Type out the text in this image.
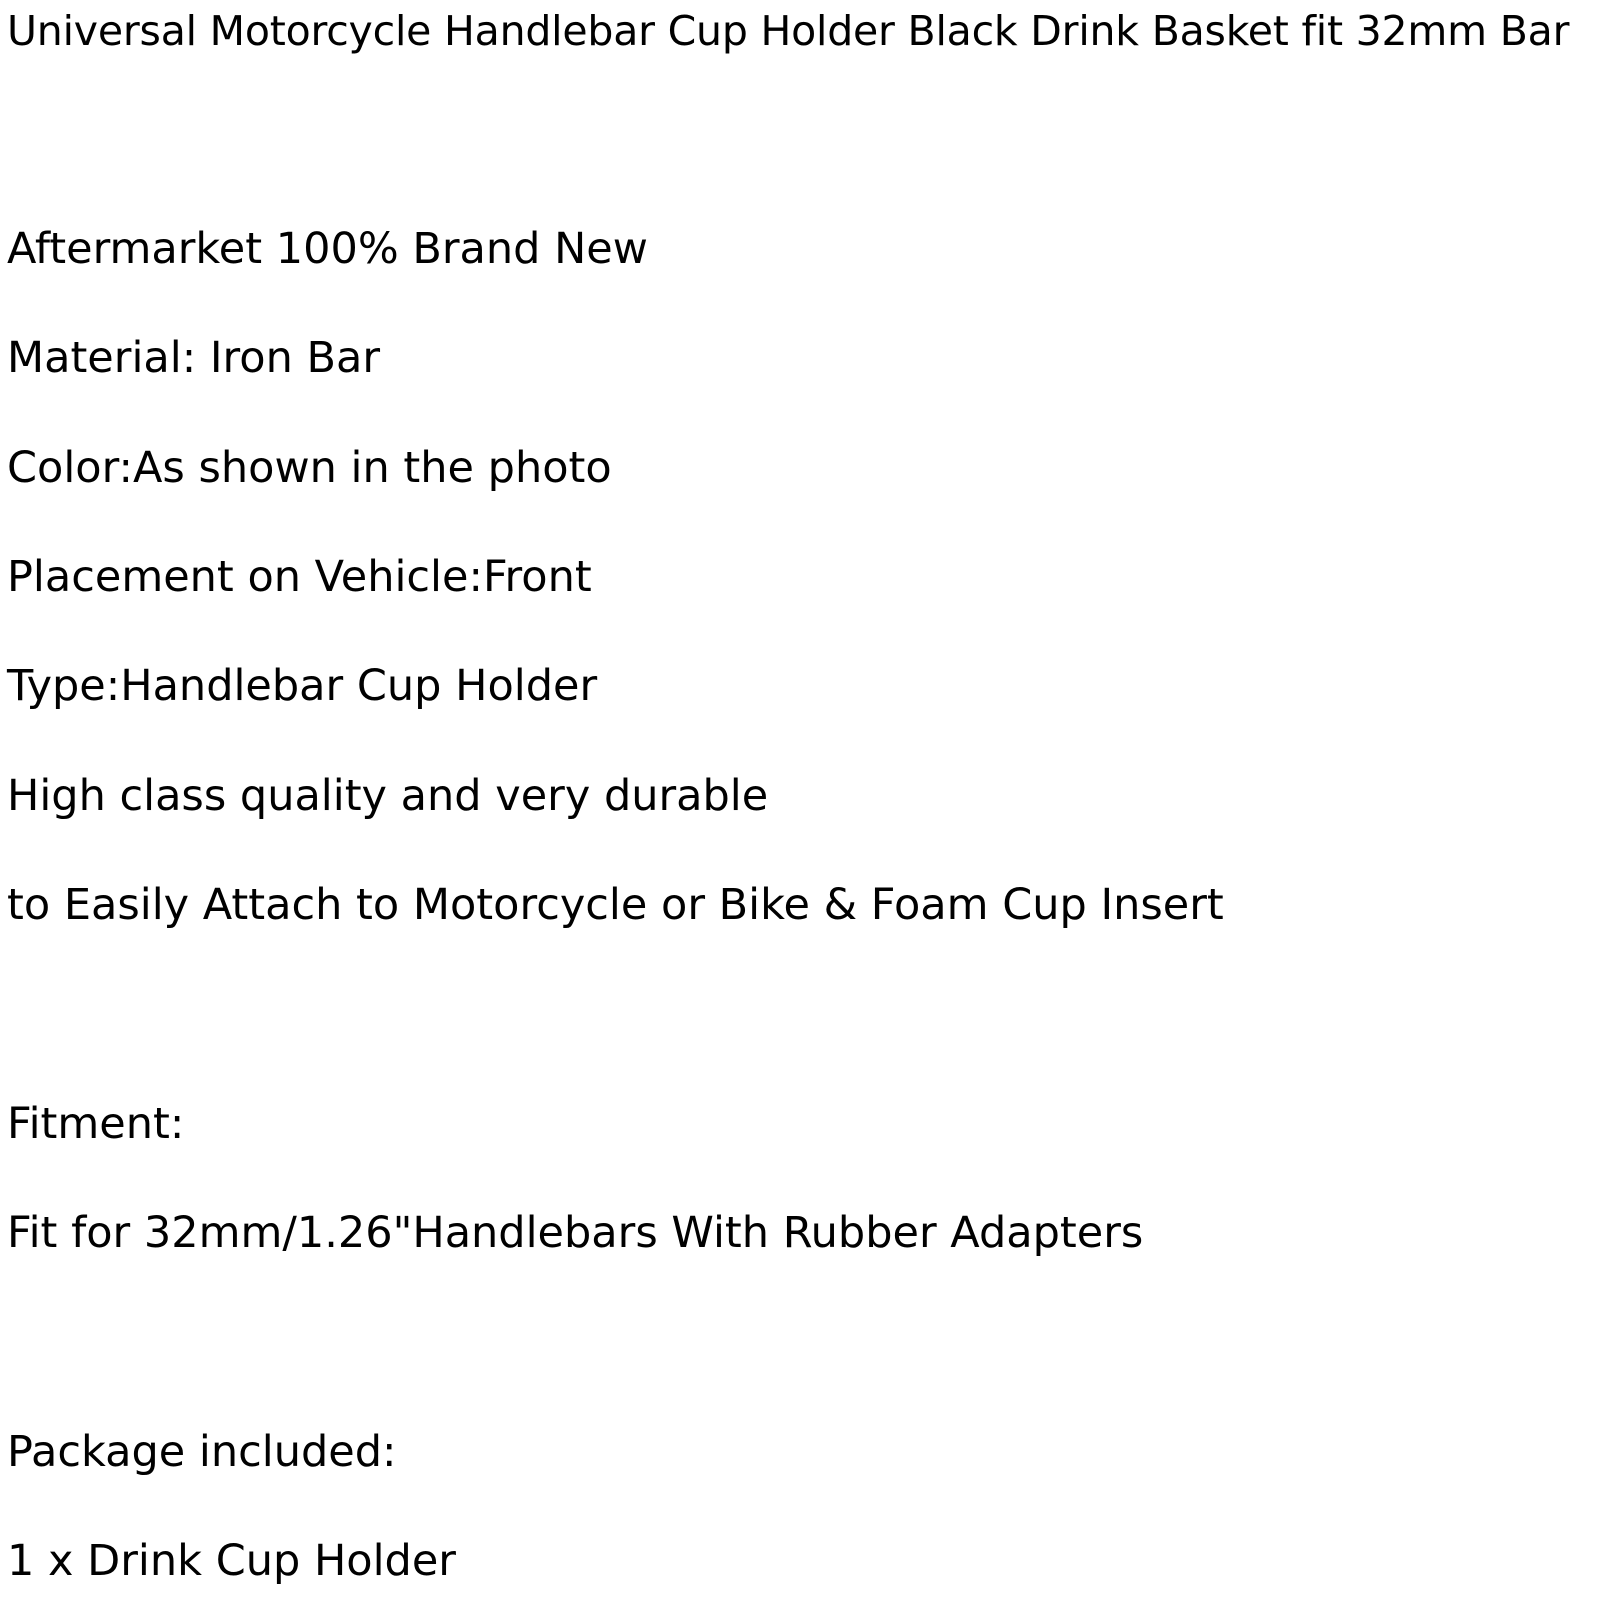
Universal Motorcycle Handlebar Cup Holder Black Drink Basket fit 32mm Bar

Aftermarket 100% Brand New

Material: Iron Bar

Color:As shown in the photo

Placement on Vehicle:Front

Type:Handlebar Cup Holder

High class quality and very durable

to Easily Attach to Motorcycle or Bike & Foam Cup Insert

Fitment:

Fit for 32mm/1.26"Handlebars With Rubber Adapters

Package included:

1 x Drink Cup Holder
